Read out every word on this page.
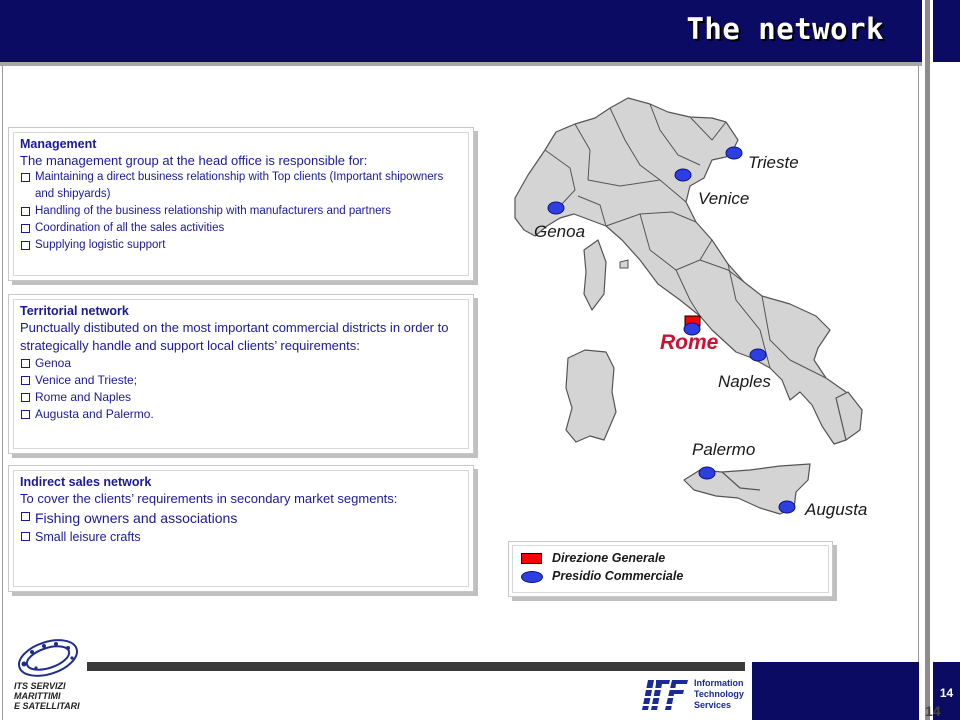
The network
Management

The management group at the head office is responsible for:

Maintaining a direct business relationship with Top clients (Important shipowners and shipyards)
Handling of the business relationship with manufacturers and partners
Coordination of all the sales activities
Supplying logistic support
Territorial network

Punctually distibuted on the most important commercial districts in order to strategically handle and support local clients’ requirements:

Genoa
Venice and Trieste;
Rome and Naples
Augusta and Palermo.
Indirect sales network

To cover the clients’ requirements in secondary market segments:

Fishing owners and associations
Small leisure crafts
Trieste
Venice
Genoa
Rome
Naples
Palermo
Augusta
Direzione Generale
Presidio Commerciale
14
14
ITS SERVIZI
MARITTIMI
E SATELLITARI
Information
Technology
Services
